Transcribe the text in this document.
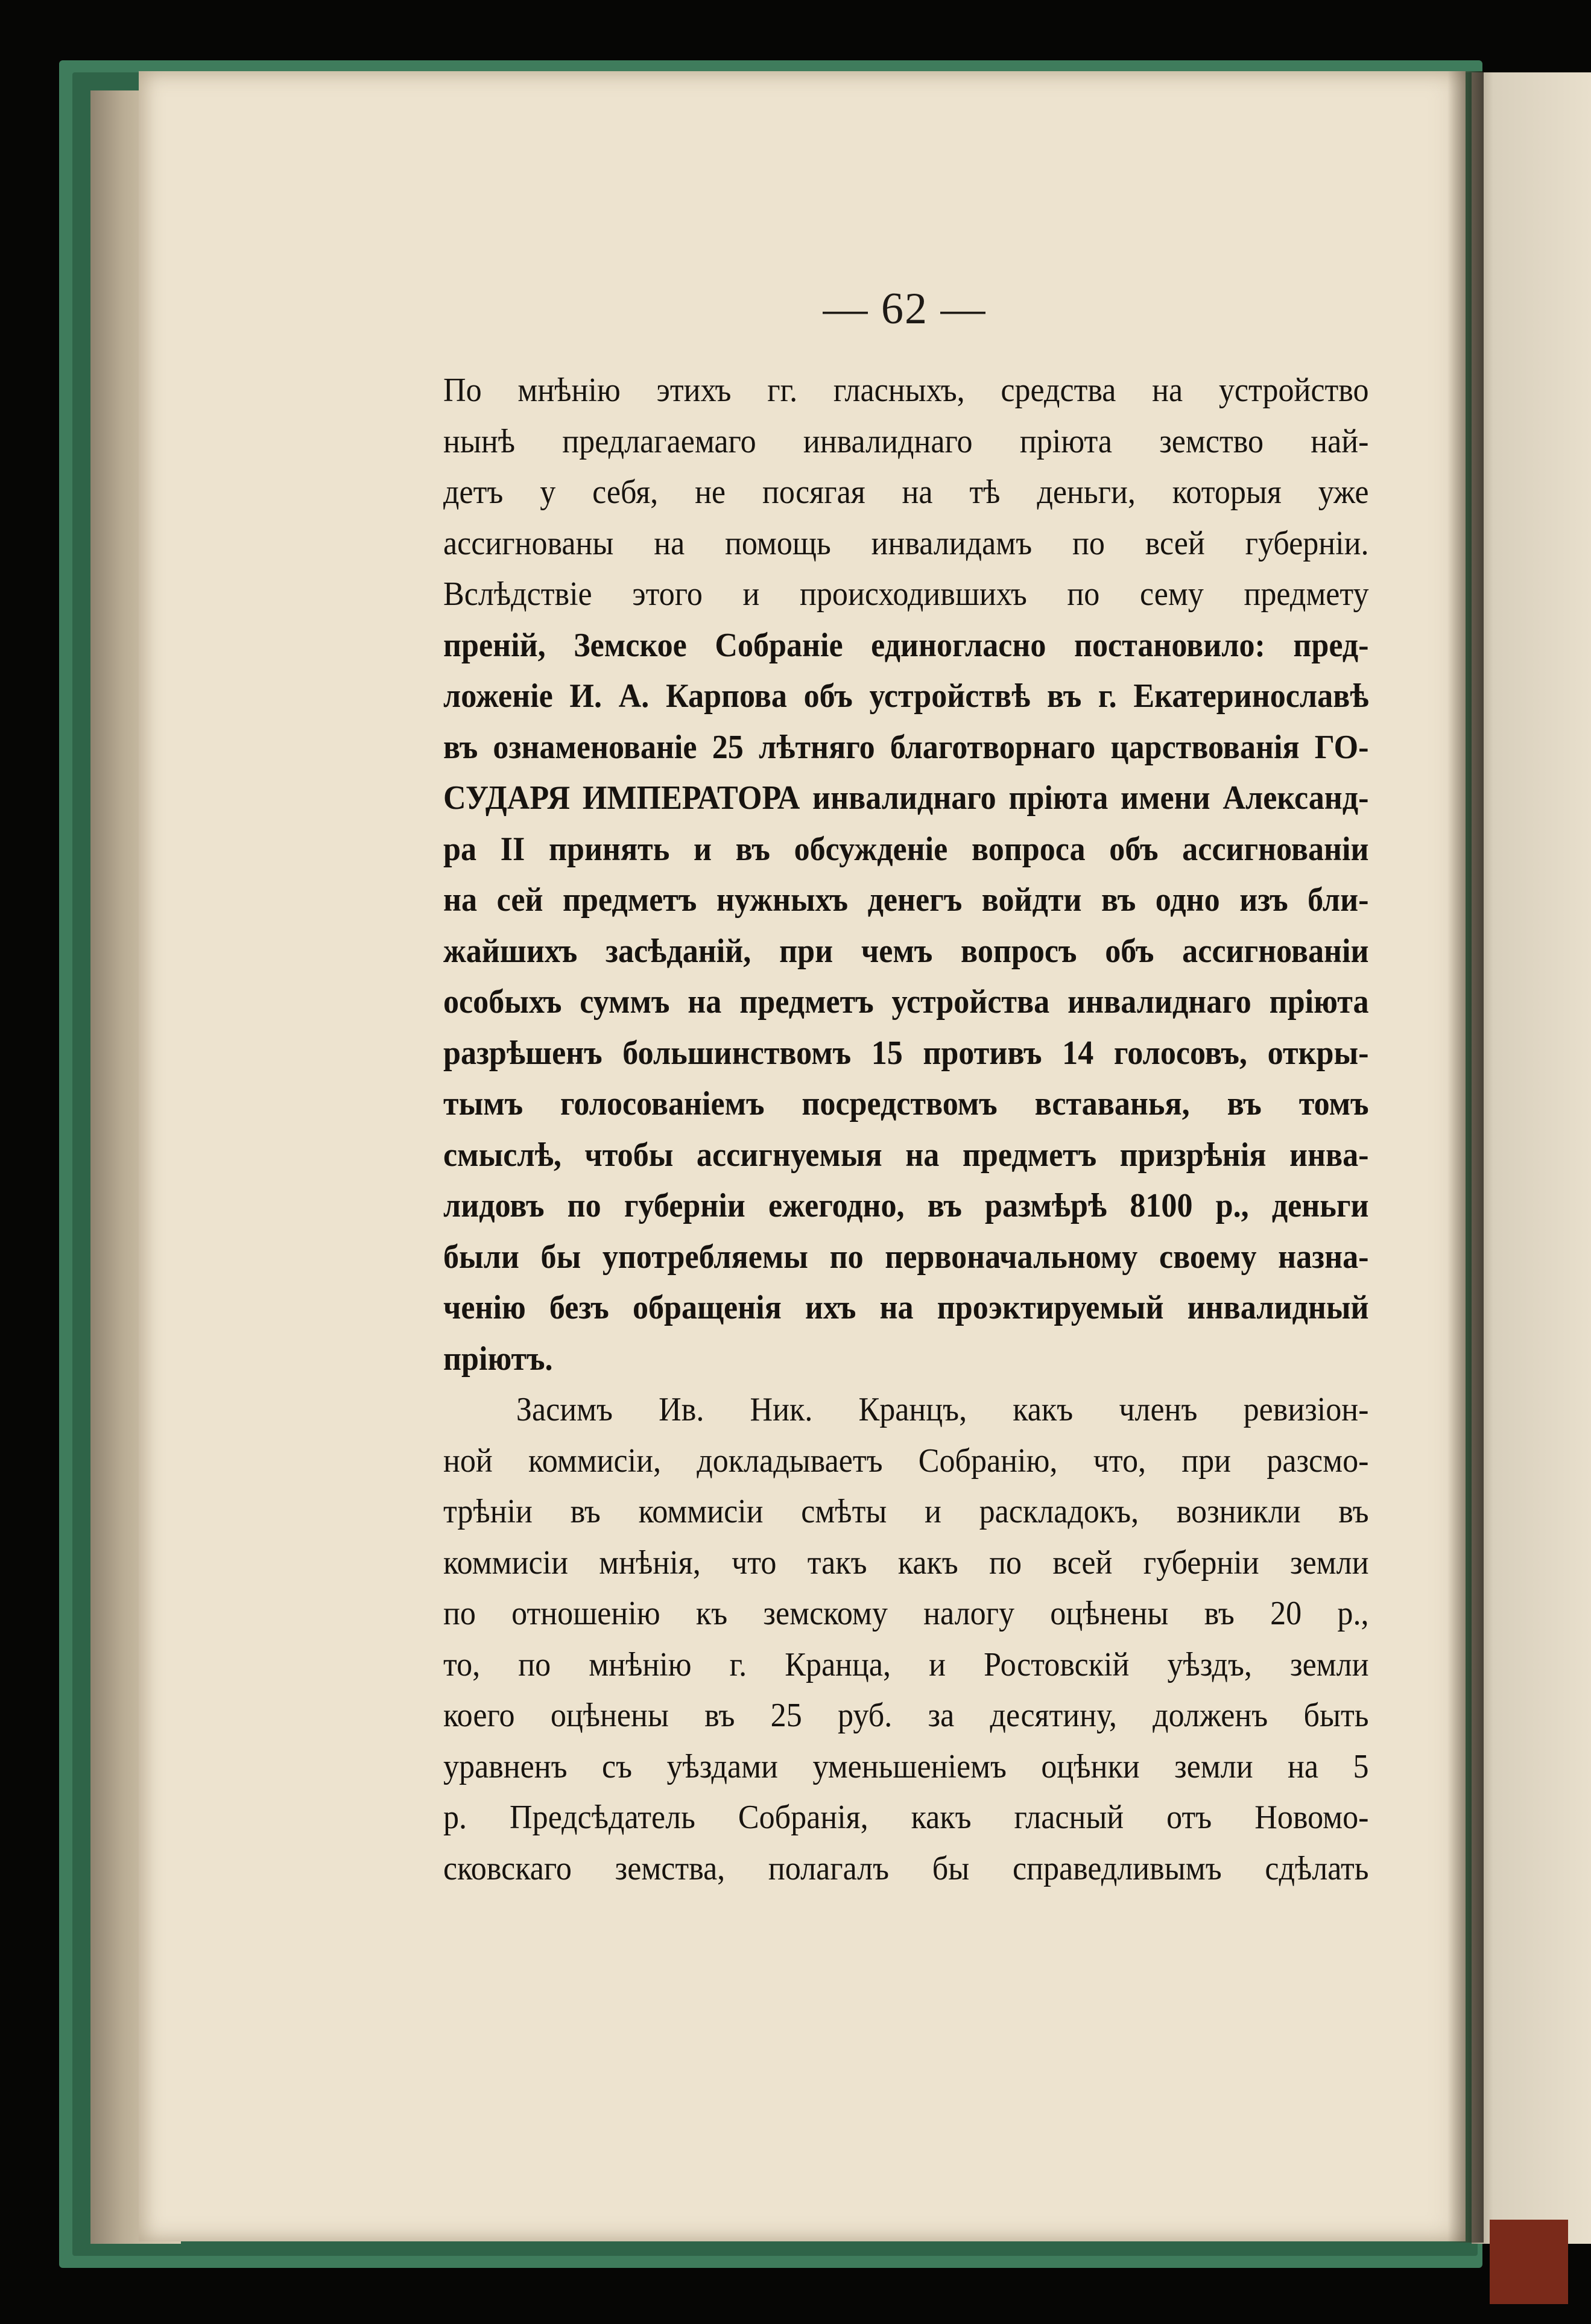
— 62 —
По мнѣнію этихъ гг. гласныхъ, средства на устройство
нынѣ предлагаемаго инвалиднаго пріюта земство най-
детъ у себя, не посягая на тѣ деньги, которыя уже
ассигнованы на помощь инвалидамъ по всей губерніи.
Вслѣдствіе этого и происходившихъ по сему предмету
преній, Земское Собраніе единогласно постановило: пред-
ложеніе И. А. Карпова объ устройствѣ въ г. Екатеринославѣ
въ ознаменованіе 25 лѣтняго благотворнаго царствованія ГО-
СУДАРЯ ИМПЕРАТОРА инвалиднаго пріюта имени Александ-
ра II принять и въ обсужденіе вопроса объ ассигнованіи
на сей предметъ нужныхъ денегъ войдти въ одно изъ бли-
жайшихъ засѣданій, при чемъ вопросъ объ ассигнованіи
особыхъ суммъ на предметъ устройства инвалиднаго пріюта
разрѣшенъ большинствомъ 15 противъ 14 голосовъ, откры-
тымъ голосованіемъ посредствомъ вставанья, въ томъ
смыслѣ, чтобы ассигнуемыя на предметъ призрѣнія инва-
лидовъ по губерніи ежегодно, въ размѣрѣ 8100 р., деньги
были бы употребляемы по первоначальному своему назна-
ченію безъ обращенія ихъ на проэктируемый инвалидный
пріютъ.
Засимъ Ив. Ник. Кранцъ, какъ членъ ревизіон-
ной коммисіи, докладываетъ Собранію, что, при разсмо-
трѣніи въ коммисіи смѣты и раскладокъ, возникли въ
коммисіи мнѣнія, что такъ какъ по всей губерніи земли
по отношенію къ земскому налогу оцѣнены въ 20 р.,
то, по мнѣнію г. Кранца, и Ростовскій уѣздъ, земли
коего оцѣнены въ 25 руб. за десятину, долженъ быть
уравненъ съ уѣздами уменьшеніемъ оцѣнки земли на 5
р. Предсѣдатель Собранія, какъ гласный отъ Новомо-
сковскаго земства, полагалъ бы справедливымъ сдѣлать
